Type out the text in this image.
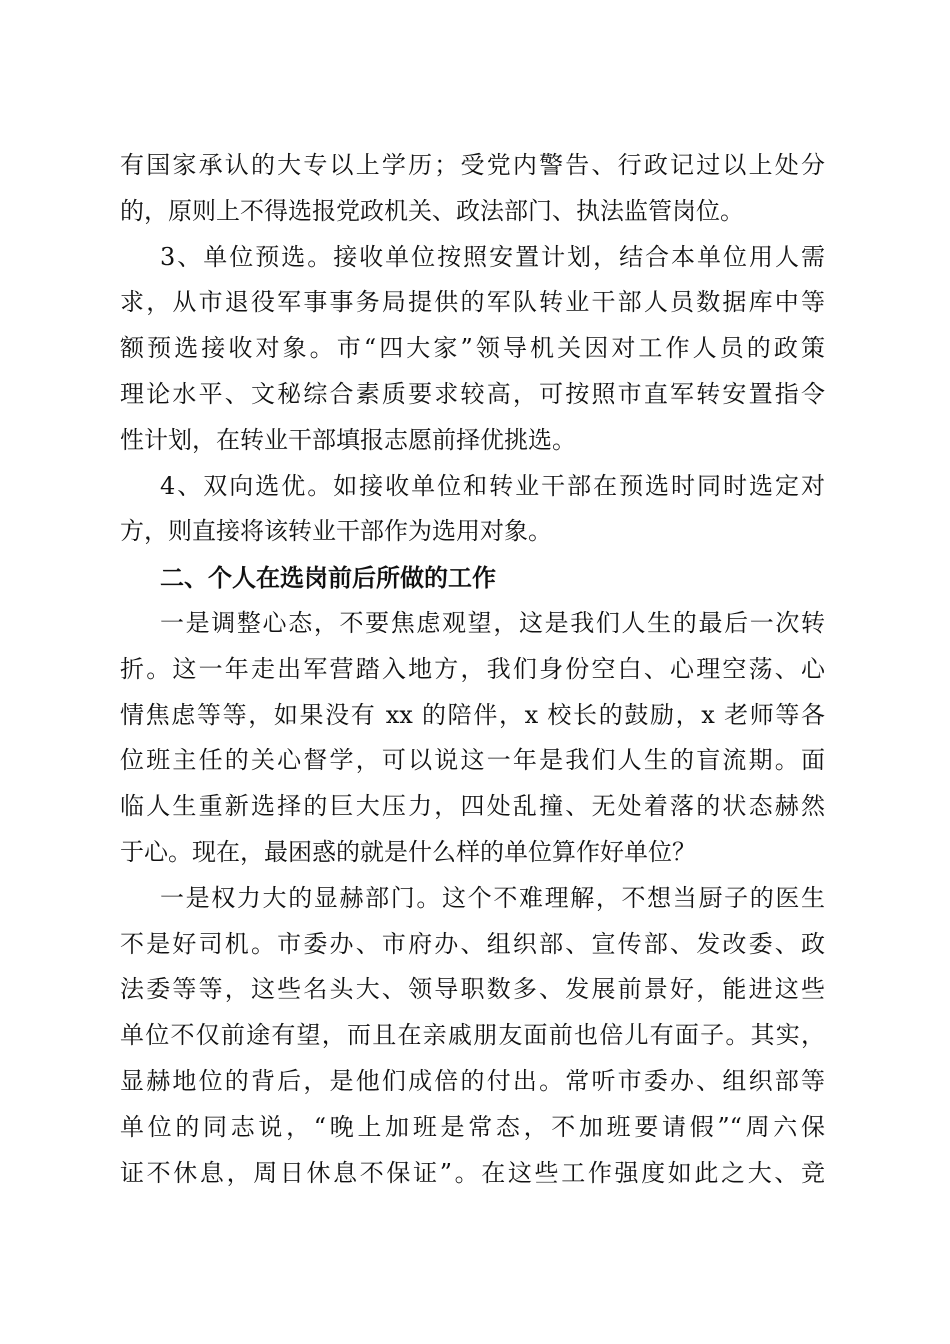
有国家承认的大专以上学历；受党内警告、行政记过以上处分
的，原则上不得选报党政机关、政法部门、执法监管岗位。
3、单位预选。接收单位按照安置计划，结合本单位用人需
求，从市退役军事事务局提供的军队转业干部人员数据库中等
额预选接收对象。市“四大家”领导机关因对工作人员的政策
理论水平、文秘综合素质要求较高，可按照市直军转安置指令
性计划，在转业干部填报志愿前择优挑选。
4、双向选优。如接收单位和转业干部在预选时同时选定对
方，则直接将该转业干部作为选用对象。
二、个人在选岗前后所做的工作
一是调整心态，不要焦虑观望，这是我们人生的最后一次转
折。这一年走出军营踏入地方，我们身份空白、心理空荡、心
情焦虑等等，如果没有 xx 的陪伴，x 校长的鼓励，x 老师等各
位班主任的关心督学，可以说这一年是我们人生的盲流期。面
临人生重新选择的巨大压力，四处乱撞、无处着落的状态赫然
于心。现在，最困惑的就是什么样的单位算作好单位？
一是权力大的显赫部门。这个不难理解，不想当厨子的医生
不是好司机。市委办、市府办、组织部、宣传部、发改委、政
法委等等，这些名头大、领导职数多、发展前景好，能进这些
单位不仅前途有望，而且在亲戚朋友面前也倍儿有面子。其实，
显赫地位的背后，是他们成倍的付出。常听市委办、组织部等
单位的同志说，“晚上加班是常态，不加班要请假”“周六保
证不休息，周日休息不保证”。在这些工作强度如此之大、竞
